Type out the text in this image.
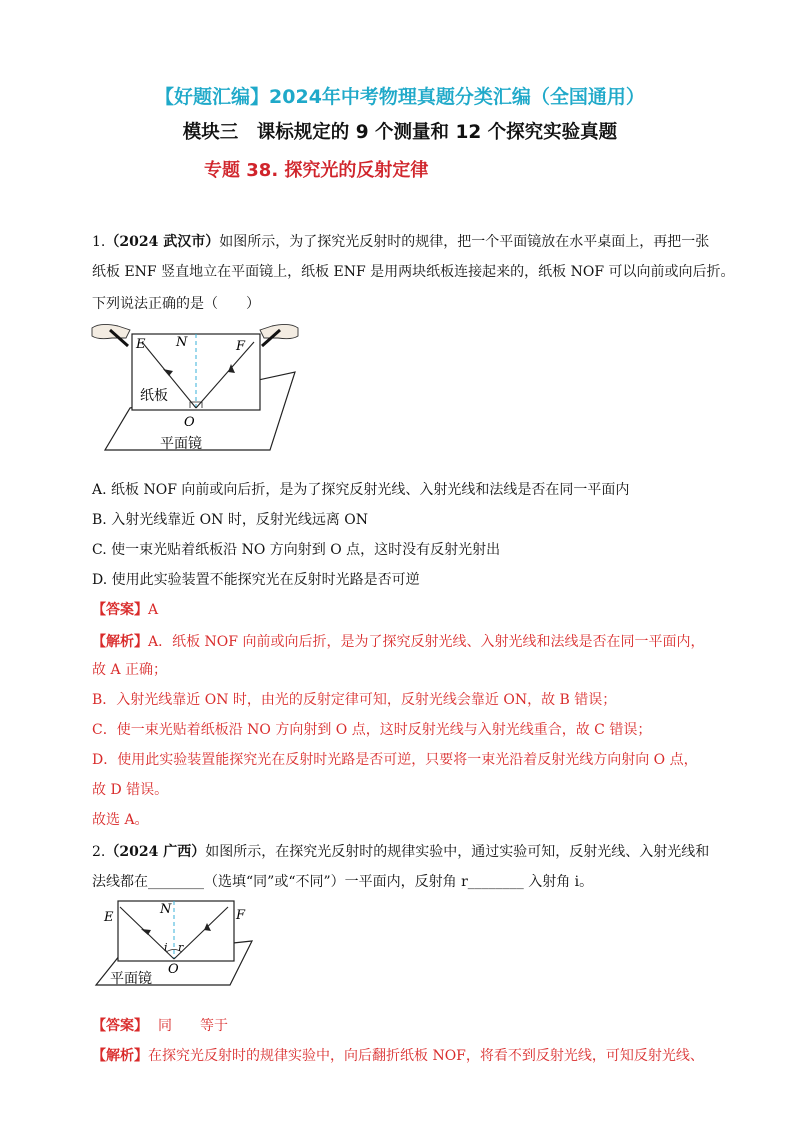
【好题汇编】2024年中考物理真题分类汇编（全国通用）
模块三　课标规定的 9 个测量和 12 个探究实验真题
专题 38. 探究光的反射定律
1.（2024 武汉市）如图所示，为了探究光反射时的规律，把一个平面镜放在水平桌面上，再把一张
纸板 ENF 竖直地立在平面镜上，纸板 ENF 是用两块纸板连接起来的，纸板 NOF 可以向前或向后折。
下列说法正确的是（　　）
E N	F
纸板
O
平面镜
A. 纸板 NOF 向前或向后折，是为了探究反射光线、入射光线和法线是否在同一平面内
B. 入射光线靠近 ON 时，反射光线远离 ON
C. 使一束光贴着纸板沿 NO 方向射到 O 点，这时没有反射光射出
D. 使用此实验装置不能探究光在反射时光路是否可逆
【答案】A
【解析】A．纸板 NOF 向前或向后折，是为了探究反射光线、入射光线和法线是否在同一平面内，
故 A 正确；
B．入射光线靠近 ON 时，由光的反射定律可知，反射光线会靠近 ON，故 B 错误；
C．使一束光贴着纸板沿 NO 方向射到 O 点，这时反射光线与入射光线重合，故 C 错误；
D．使用此实验装置能探究光在反射时光路是否可逆，只要将一束光沿着反射光线方向射向 O 点，
故 D 错误。
故选 A。
2.（2024 广西）如图所示，在探究光反射时的规律实验中，通过实验可知，反射光线、入射光线和
法线都在________（选填“同”或“不同”）一平面内，反射角 r________ 入射角 i。
E
N	F
i r
O
平面镜
【答案】 同　　等于
【解析】在探究光反射时的规律实验中，向后翻折纸板 NOF，将看不到反射光线，可知反射光线、
